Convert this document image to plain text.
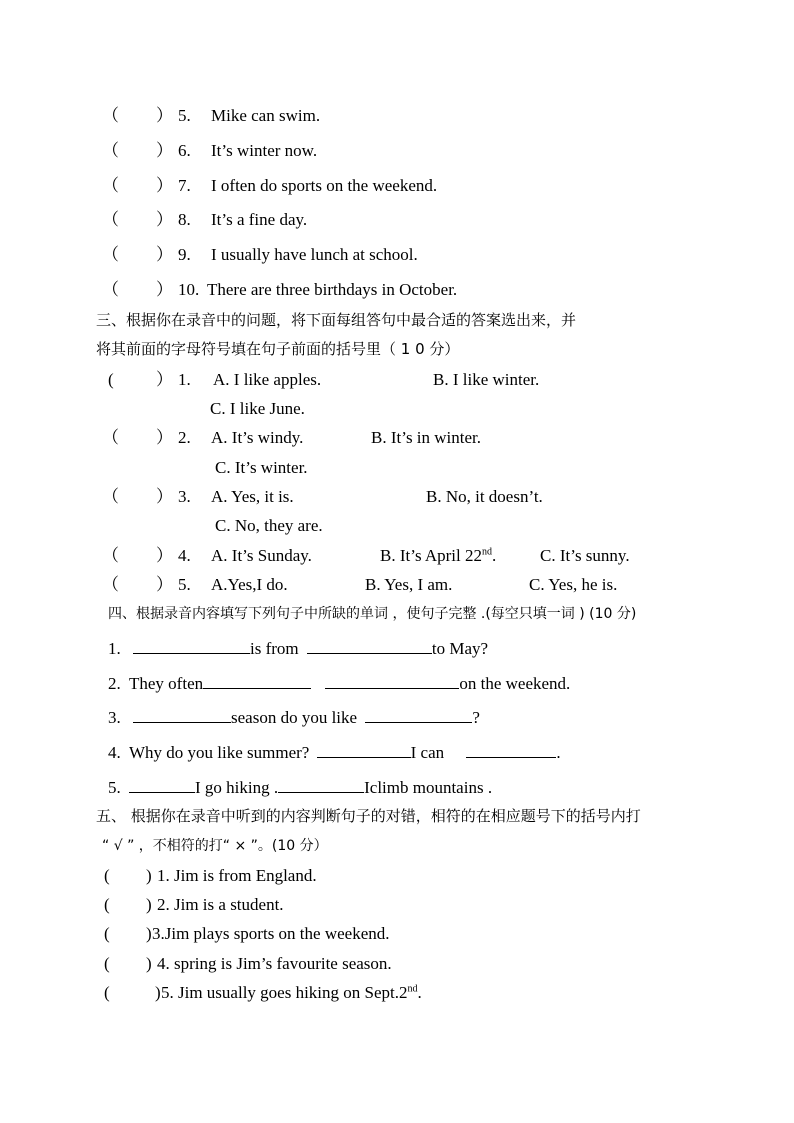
（ ） 5. Mike can swim.
（ ） 6. It’s winter now.
（ ） 7. I often do sports on the weekend.
（ ） 8. It’s a fine day.
（ ） 9. I usually have lunch at school.
（ ） 10. There are three birthdays in October.
三、根据你在录音中的问题，将下面每组答句中最合适的答案选出来，并
将其前面的字母符号填在句子前面的括号里（ 1 0 分）
( ） 1. A. I like apples.	B. I like winter.
C. I like June.
（ ） 2. A. It’s windy.	B. It’s in winter.
C. It’s winter.
（ ） 3. A. Yes, it is.	B. No, it doesn’t.
C. No, they are.
（ ） 4. A. It’s Sunday.	B. It’s April 22nd.	C. It’s sunny.
（ ） 5. A.Yes,I do.	B. Yes, I am.	C. Yes, he is.
四、根据录音内容填写下列句子中所缺的单词 ，使句子完整 .(每空只填一词 ) (10 分)
1.	is from	to May?
2. They often	on the weekend.
3.	season do you like	?
4. Why do you like summer?	I can	.
5.	I go hiking .	Iclimb mountains .
五、 根据你在录音中听到的内容判断句子的对错，相符的在相应题号下的括号内打
“ √ ” ，不相符的打“ × ”。(10 分）
( ) 1. Jim is from England.
( ) 2. Jim is a student.
( ) 3.Jim plays sports on the weekend.
( ) 4. spring is Jim’s favourite season.
(	) 5. Jim usually goes hiking on Sept.2nd.
